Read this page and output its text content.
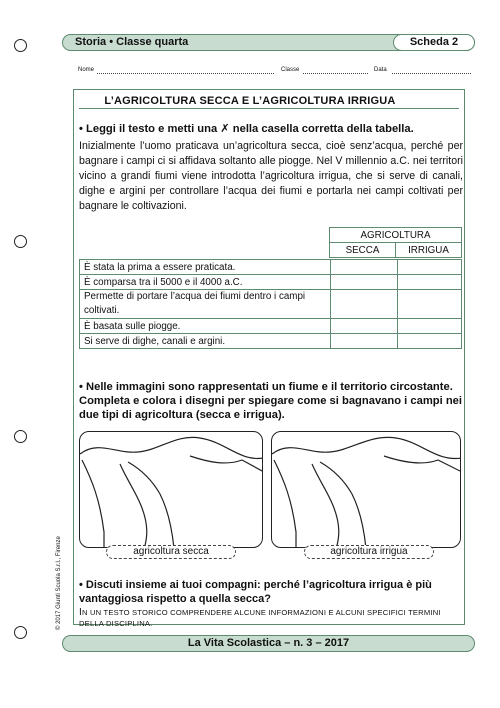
Storia • Classe quarta	Scheda 2
Nome	Classe	Data
L’AGRICOLTURA SECCA E L’AGRICOLTURA IRRIGUA
• Leggi il testo e metti una ✗ nella casella corretta della tabella.
Inizialmente l’uomo praticava un’agricoltura secca, cioè senz’acqua, perché per bagnare i campi ci si affidava soltanto alle piogge. Nel V millennio a.C. nei territori vicino a grandi fiumi viene introdotta l’agricoltura irrigua, che si serve di canali, dighe e argini per controllare l’acqua dei fiumi e portarla nei campi coltivati per bagnare le coltivazioni.
AGRICOLTURA
SECCA	IRRIGUA
È stata la prima a essere praticata.		
È comparsa tra il 5000 e il 4000 a.C.		
Permette di portare l’acqua dei fiumi dentro i campi coltivati.		
È basata sulle piogge.		
Si serve di dighe, canali e argini.		
• Nelle immagini sono rappresentati un fiume e il territorio circostante. Completa e colora i disegni per spiegare come si bagnavano i campi nei due tipi di agricoltura (secca e irrigua).
agricoltura secca	agricoltura irrigua
• Discuti insieme ai tuoi compagni: perché l’agricoltura irrigua è più vantaggiosa rispetto a quella secca?
IN UN TESTO STORICO COMPRENDERE ALCUNE INFORMAZIONI E ALCUNI SPECIFICI TERMINI DELLA DISCIPLINA.
La Vita Scolastica – n. 3 – 2017
© 2017 Giunti Scuola S.r.l., Firenze
